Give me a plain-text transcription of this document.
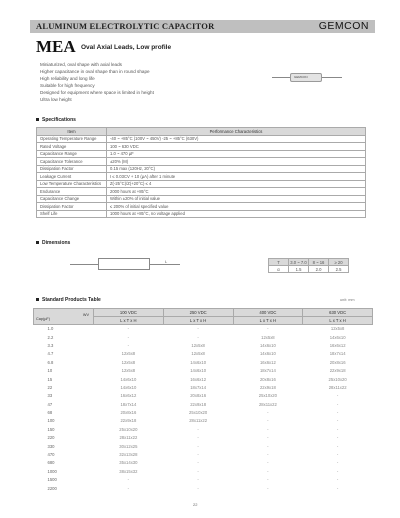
ALUMINUM ELECTROLYTIC CAPACITOR	GEMCON
MEA Oval Axial Leads, Low profile
Miniaturized, oval shape with axial leads
Higher capacitance in oval shape than in round shape
High reliability and long life
Suitable for high frequency
Designed for equipment where space is limited in height
Ultra low height
GEMCON
Specifications
Item	Performance Characteristics
Operating Temperature Range	-40 ~ +85°C (100V ~ 450V) -25 ~ +85°C (630V)
Rated Voltage	100 ~ 630 VDC
Capacitance Range	1.0 ~ 470 µF
Capacitance Tolerance	±20% (M)
Dissipation Factor	0.15 max (120Hz, 20°C)
Leakage Current	I ≤ 0.03CV + 10 (µA) after 1 minute
Low Temperature Characteristics	Z(-25°C)/Z(+20°C) ≤ 4
Endurance	2000 hours at +85°C
Capacitance Change	Within ±20% of initial value
Dissipation Factor	≤ 200% of initial specified value
Shelf Life	1000 hours at +85°C, no voltage applied
Dimensions
L	T	3.0 ~ 7.0	8 ~ 16	≥ 20
α	1.5	2.0	2.5
Standard Products Table	unit: mm
WV
Cap(µF)	100 VDC	250 VDC	400 VDC	630 VDC
	L x T x H	L x T x H	L x T x H	L x T x H
1.0	-	-	-	12x5x8
2.2	-	-	12x5x8	14x6x10
3.3	-	12x5x8	14x6x10	16x6x12
4.7	12x5x8	12x5x8	14x6x10	18x7x14
6.8	12x5x8	14x6x10	16x6x12	20x8x16
10	12x5x8	14x6x10	18x7x14	22x9x18
15	14x6x10	16x6x12	20x8x16	25x10x20
22	14x6x10	18x7x14	22x9x18	28x11x22
33	16x6x12	20x8x16	25x10x20	-
47	18x7x14	22x9x18	28x11x22	-
68	20x8x16	25x10x20	-	-
100	22x9x18	28x11x22	-	-
150	25x10x20	-	-	-
220	28x11x22	-	-	-
330	30x12x25	-	-	-
470	32x13x28	-	-	-
680	35x14x30	-	-	-
1000	38x15x32	-	-	-
1500	-	-	-	-
2200	-	-	-	-
22
